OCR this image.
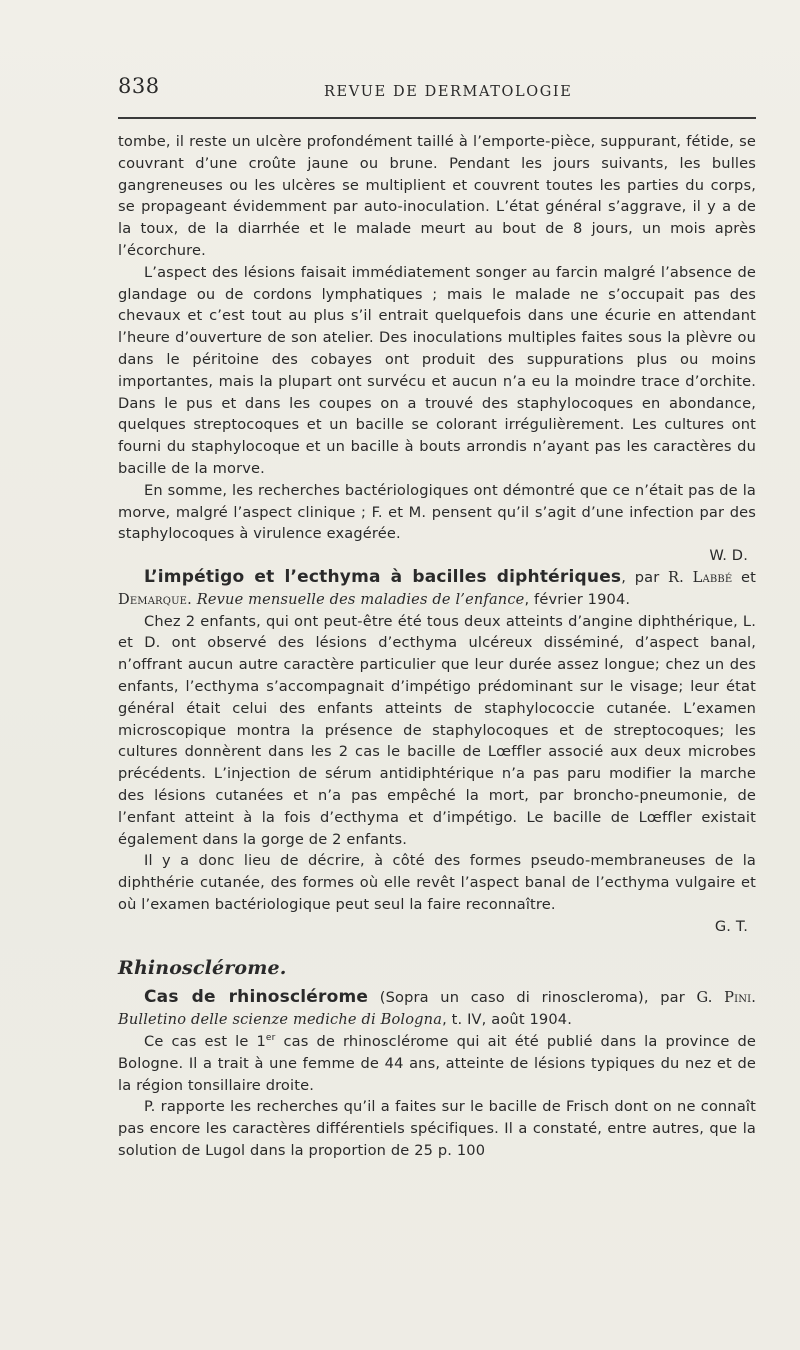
838	REVUE DE DERMATOLOGIE

tombe, il reste un ulcère profondément taillé à l’emporte-pièce, suppurant, fétide, se couvrant d’une croûte jaune ou brune. Pendant les jours suivants, les bulles gangreneuses ou les ulcères se multiplient et couvrent toutes les parties du corps, se propageant évidemment par auto-inoculation. L’état général s’aggrave, il y a de la toux, de la diarrhée et le malade meurt au bout de 8 jours, un mois après l’écorchure.

L’aspect des lésions faisait immédiatement songer au farcin malgré l’absence de glandage ou de cordons lymphatiques ; mais le malade ne s’occupait pas des chevaux et c’est tout au plus s’il entrait quelquefois dans une écurie en attendant l’heure d’ouverture de son atelier. Des inoculations multiples faites sous la plèvre ou dans le péritoine des cobayes ont produit des suppurations plus ou moins importantes, mais la plupart ont survécu et aucun n’a eu la moindre trace d’orchite. Dans le pus et dans les coupes on a trouvé des staphylocoques en abondance, quelques streptocoques et un bacille se colorant irrégulièrement. Les cultures ont fourni du staphylocoque et un bacille à bouts arrondis n’ayant pas les caractères du bacille de la morve.

En somme, les recherches bactériologiques ont démontré que ce n’était pas de la morve, malgré l’aspect clinique ; F. et M. pensent qu’il s’agit d’une infection par des staphylocoques à virulence exagérée.

W. D.

L’impétigo et l’ecthyma à bacilles diphtériques, par R. Labbé et Demarque. Revue mensuelle des maladies de l’enfance, février 1904.

Chez 2 enfants, qui ont peut-être été tous deux atteints d’angine diphthérique, L. et D. ont observé des lésions d’ecthyma ulcéreux disséminé, d’aspect banal, n’offrant aucun autre caractère particulier que leur durée assez longue; chez un des enfants, l’ecthyma s’accompagnait d’impétigo prédominant sur le visage; leur état général était celui des enfants atteints de staphylococcie cutanée. L’examen microscopique montra la présence de staphylocoques et de streptocoques; les cultures donnèrent dans les 2 cas le bacille de Lœffler associé aux deux microbes précédents. L’injection de sérum antidiphtérique n’a pas paru modifier la marche des lésions cutanées et n’a pas empêché la mort, par broncho-pneumonie, de l’enfant atteint à la fois d’ecthyma et d’impétigo. Le bacille de Lœffler existait également dans la gorge de 2 enfants.

Il y a donc lieu de décrire, à côté des formes pseudo-membraneuses de la diphthérie cutanée, des formes où elle revêt l’aspect banal de l’ecthyma vulgaire et où l’examen bactériologique peut seul la faire reconnaître.

G. T.
Rhinosclérome.

Cas de rhinosclérome (Sopra un caso di rinoscleroma), par G. Pini. Bulletino delle scienze mediche di Bologna, t. IV, août 1904.

Ce cas est le 1er cas de rhinosclérome qui ait été publié dans la province de Bologne. Il a trait à une femme de 44 ans, atteinte de lésions typiques du nez et de la région tonsillaire droite.

P. rapporte les recherches qu’il a faites sur le bacille de Frisch dont on ne connaît pas encore les caractères différentiels spécifiques. Il a constaté, entre autres, que la solution de Lugol dans la proportion de 25 p. 100
